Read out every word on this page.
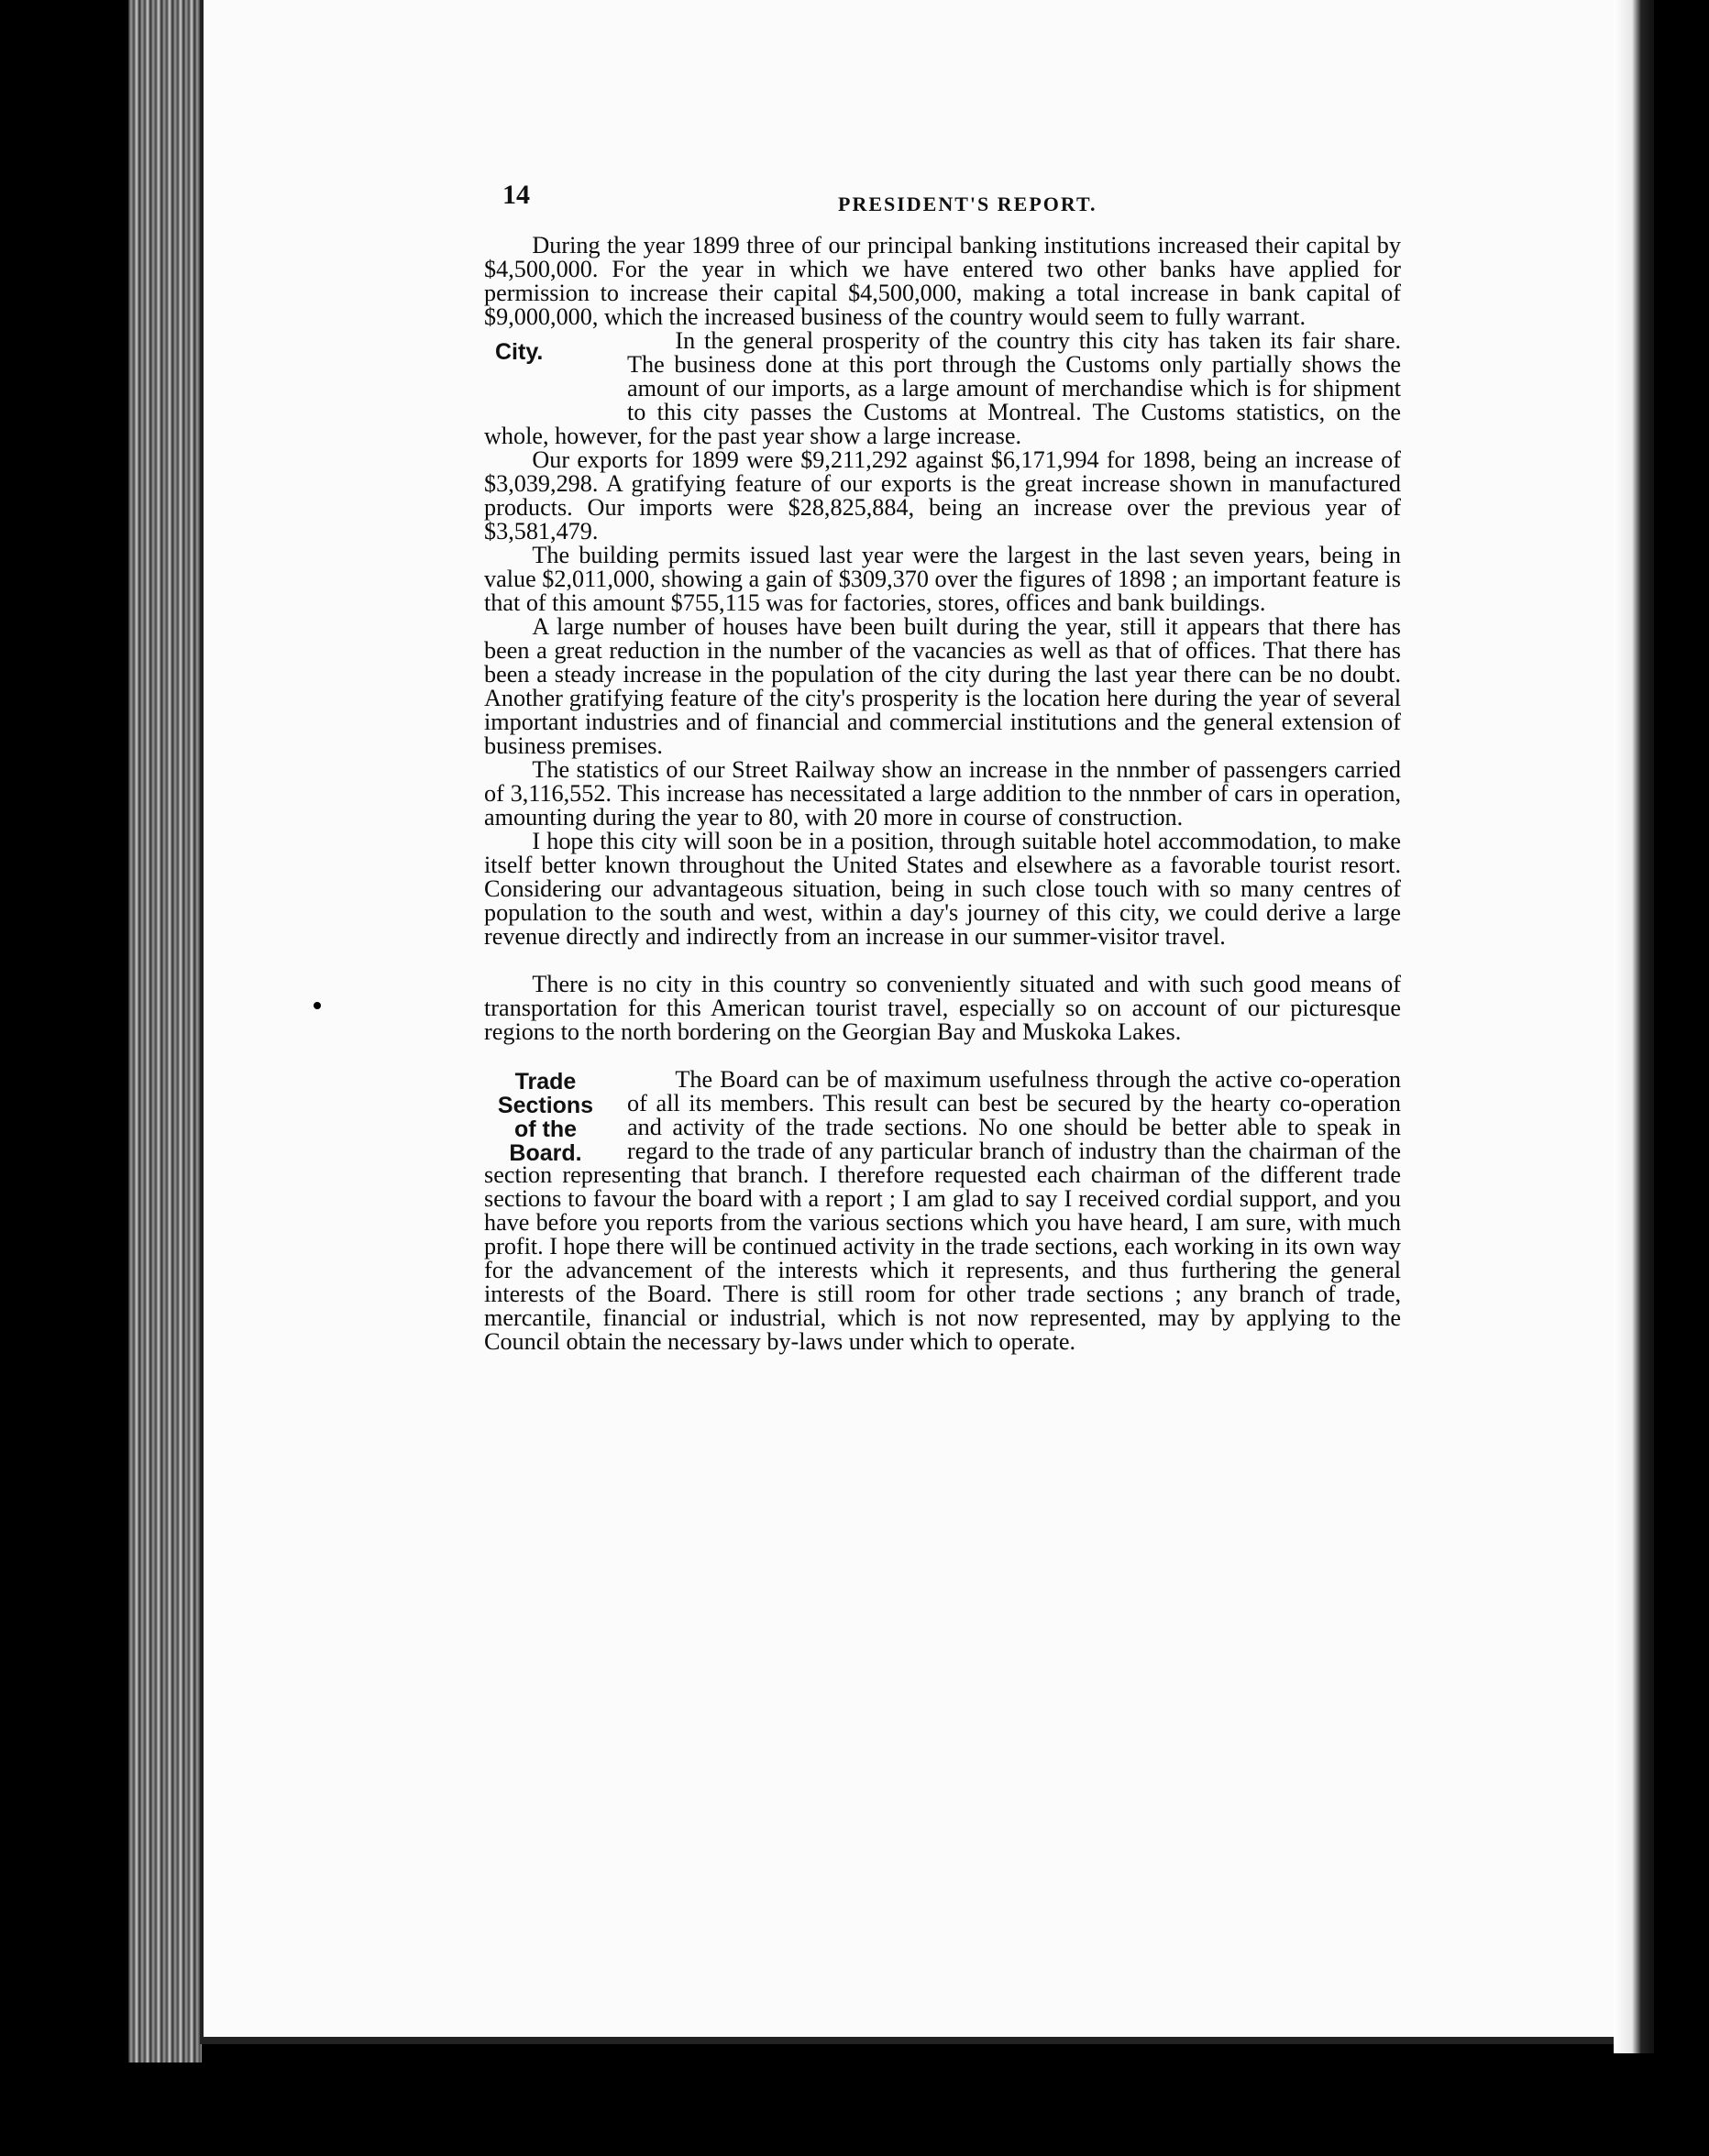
14	PRESIDENT'S REPORT.

During the year 1899 three of our principal banking institutions increased their capital by $4,500,000. For the year in which we have entered two other banks have applied for permission to increase their capital $4,500,000, making a total increase in bank capital of $9,000,000, which the increased business of the country would seem to fully warrant.

City.	In the general prosperity of the country this city has taken its fair share. The business done at this port through the Customs only partially shows the amount of our imports, as a large amount of merchandise which is for shipment to this city passes the Customs at Montreal. The Customs statistics, on the whole, however, for the past year show a large increase.

Our exports for 1899 were $9,211,292 against $6,171,994 for 1898, being an increase of $3,039,298. A gratifying feature of our exports is the great increase shown in manufactured products. Our imports were $28,825,884, being an increase over the previous year of $3,581,479.

The building permits issued last year were the largest in the last seven years, being in value $2,011,000, showing a gain of $309,370 over the figures of 1898 ; an important feature is that of this amount $755,115 was for factories, stores, offices and bank buildings.

A large number of houses have been built during the year, still it appears that there has been a great reduction in the number of the vacancies as well as that of offices. That there has been a steady increase in the population of the city during the last year there can be no doubt. Another gratifying feature of the city's prosperity is the location here during the year of several important industries and of financial and commercial institutions and the general extension of business premises.

The statistics of our Street Railway show an increase in the nnmber of passengers carried of 3,116,552. This increase has necessitated a large addition to the nnmber of cars in operation, amounting during the year to 80, with 20 more in course of construction.

I hope this city will soon be in a position, through suitable hotel accommodation, to make itself better known throughout the United States and elsewhere as a favorable tourist resort. Considering our advantageous situation, being in such close touch with so many centres of population to the south and west, within a day's journey of this city, we could derive a large revenue directly and indirectly from an increase in our summer-visitor travel.

There is no city in this country so conveniently situated and with such good means of transportation for this American tourist travel, especially so on account of our picturesque regions to the north bordering on the Georgian Bay and Muskoka Lakes.

Trade Sections
of the Board.

The Board can be of maximum usefulness through the active co-operation of all its members. This result can best be secured by the hearty co-operation and activity of the trade sections. No one should be better able to speak in regard to the trade of any particular branch of industry than the chairman of the section representing that branch. I therefore requested each chairman of the different trade sections to favour the board with a report ; I am glad to say I received cordial support, and you have before you reports from the various sections which you have heard, I am sure, with much profit. I hope there will be continued activity in the trade sections, each working in its own way for the advancement of the interests which it represents, and thus furthering the general interests of the Board. There is still room for other trade sections ; any branch of trade, mercantile, financial or industrial, which is not now represented, may by applying to the Council obtain the necessary by-laws under which to operate.
